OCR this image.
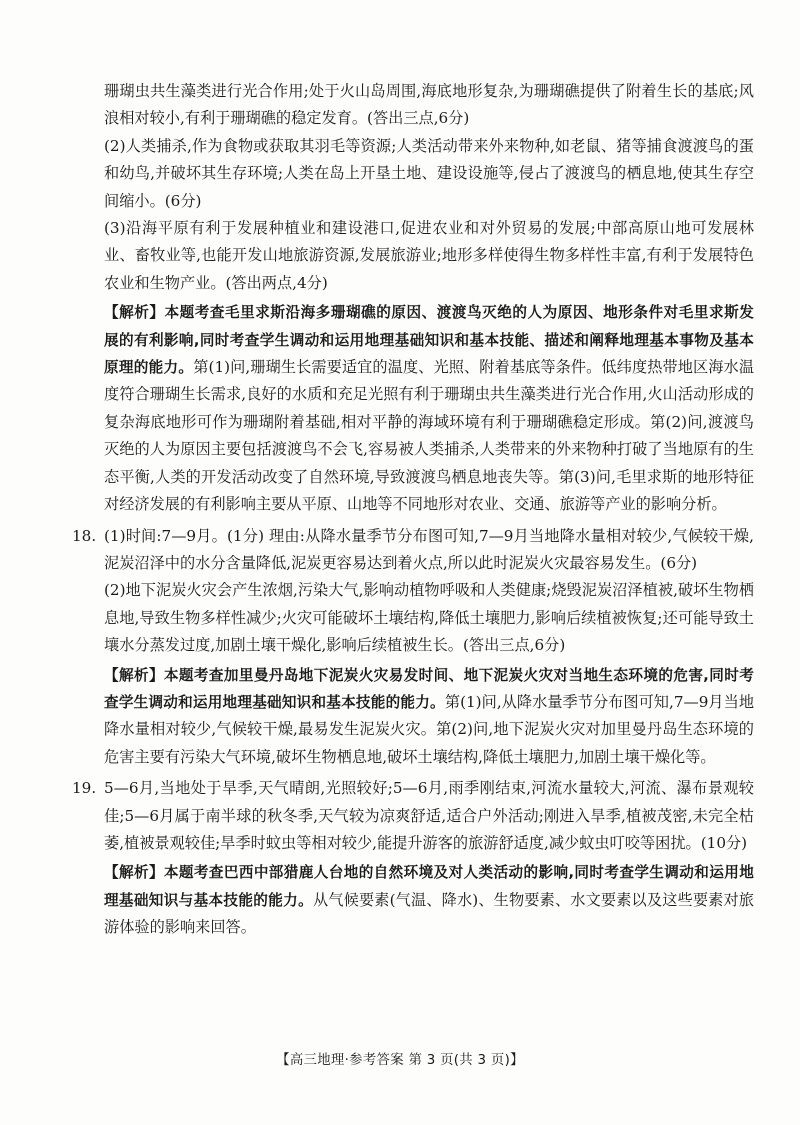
珊瑚虫共生藻类进行光合作用;处于火山岛周围,海底地形复杂,为珊瑚礁提供了附着生长的基底;风浪相对较小,有利于珊瑚礁的稳定发育。(答出三点,6分)

(2)人类捕杀,作为食物或获取其羽毛等资源;人类活动带来外来物种,如老鼠、猪等捕食渡渡鸟的蛋和幼鸟,并破坏其生存环境;人类在岛上开垦土地、建设设施等,侵占了渡渡鸟的栖息地,使其生存空间缩小。(6分)

(3)沿海平原有利于发展种植业和建设港口,促进农业和对外贸易的发展;中部高原山地可发展林业、畜牧业等,也能开发山地旅游资源,发展旅游业;地形多样使得生物多样性丰富,有利于发展特色农业和生物产业。(答出两点,4分)

【解析】本题考查毛里求斯沿海多珊瑚礁的原因、渡渡鸟灭绝的人为原因、地形条件对毛里求斯发展的有利影响,同时考查学生调动和运用地理基础知识和基本技能、描述和阐释地理基本事物及基本原理的能力。第(1)问,珊瑚生长需要适宜的温度、光照、附着基底等条件。低纬度热带地区海水温度符合珊瑚生长需求,良好的水质和充足光照有利于珊瑚虫共生藻类进行光合作用,火山活动形成的复杂海底地形可作为珊瑚附着基础,相对平静的海域环境有利于珊瑚礁稳定形成。第(2)问,渡渡鸟灭绝的人为原因主要包括渡渡鸟不会飞,容易被人类捕杀,人类带来的外来物种打破了当地原有的生态平衡,人类的开发活动改变了自然环境,导致渡渡鸟栖息地丧失等。第(3)问,毛里求斯的地形特征对经济发展的有利影响主要从平原、山地等不同地形对农业、交通、旅游等产业的影响分析。

18. (1)时间:7—9月。(1分) 理由:从降水量季节分布图可知,7—9月当地降水量相对较少,气候较干燥,泥炭沼泽中的水分含量降低,泥炭更容易达到着火点,所以此时泥炭火灾最容易发生。(6分)

(2)地下泥炭火灾会产生浓烟,污染大气,影响动植物呼吸和人类健康;烧毁泥炭沼泽植被,破坏生物栖息地,导致生物多样性减少;火灾可能破坏土壤结构,降低土壤肥力,影响后续植被恢复;还可能导致土壤水分蒸发过度,加剧土壤干燥化,影响后续植被生长。(答出三点,6分)

【解析】本题考查加里曼丹岛地下泥炭火灾易发时间、地下泥炭火灾对当地生态环境的危害,同时考查学生调动和运用地理基础知识和基本技能的能力。第(1)问,从降水量季节分布图可知,7—9月当地降水量相对较少,气候较干燥,最易发生泥炭火灾。第(2)问,地下泥炭火灾对加里曼丹岛生态环境的危害主要有污染大气环境,破坏生物栖息地,破坏土壤结构,降低土壤肥力,加剧土壤干燥化等。

19. 5—6月,当地处于旱季,天气晴朗,光照较好;5—6月,雨季刚结束,河流水量较大,河流、瀑布景观较佳;5—6月属于南半球的秋冬季,天气较为凉爽舒适,适合户外活动;刚进入旱季,植被茂密,未完全枯萎,植被景观较佳;旱季时蚊虫等相对较少,能提升游客的旅游舒适度,减少蚊虫叮咬等困扰。(10分)

【解析】本题考查巴西中部猎鹿人台地的自然环境及对人类活动的影响,同时考查学生调动和运用地理基础知识与基本技能的能力。从气候要素(气温、降水)、生物要素、水文要素以及这些要素对旅游体验的影响来回答。

【高三地理·参考答案 第 3 页(共 3 页)】
